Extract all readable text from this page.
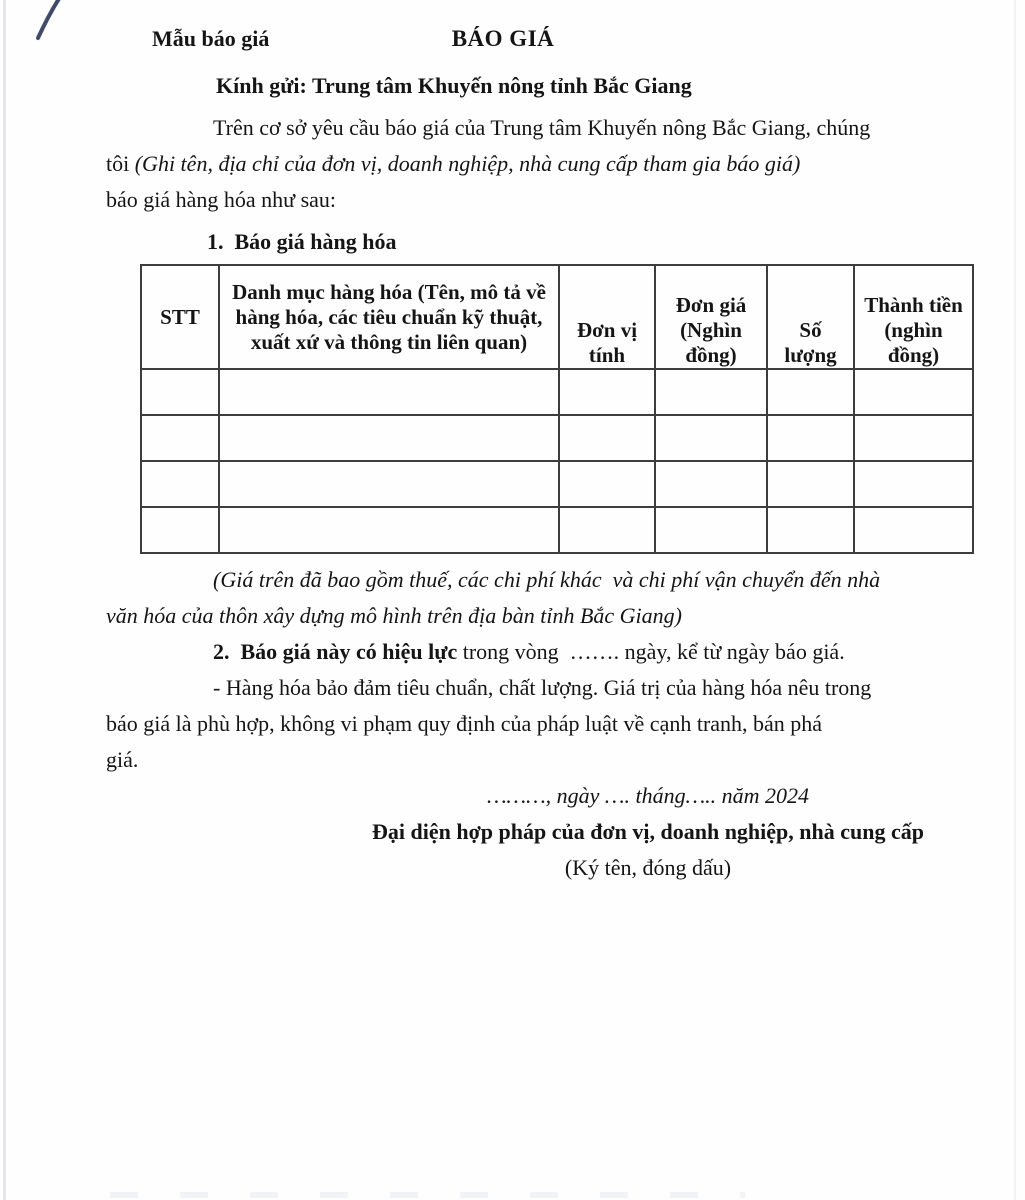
Mẫu báo giá	BÁO GIÁ
Kính gửi: Trung tâm Khuyến nông tỉnh Bắc Giang
Trên cơ sở yêu cầu báo giá của Trung tâm Khuyến nông Bắc Giang, chúng
tôi (Ghi tên, địa chỉ của đơn vị, doanh nghiệp, nhà cung cấp tham gia báo giá)
báo giá hàng hóa như sau:
1.  Báo giá hàng hóa
STT	Danh mục hàng hóa (Tên, mô tả về hàng hóa, các tiêu chuẩn kỹ thuật, xuất xứ và thông tin liên quan)	Đơn vị tính	Đơn giá (Nghìn đồng)	Số lượng	Thành tiền (nghìn đồng)

(Giá trên đã bao gồm thuế, các chi phí khác  và chi phí vận chuyển đến nhà
văn hóa của thôn xây dựng mô hình trên địa bàn tỉnh Bắc Giang)
2.  Báo giá này có hiệu lực trong vòng  ……. ngày, kể từ ngày báo giá.
- Hàng hóa bảo đảm tiêu chuẩn, chất lượng. Giá trị của hàng hóa nêu trong
báo giá là phù hợp, không vi phạm quy định của pháp luật về cạnh tranh, bán phá
giá.
………, ngày …. tháng….. năm 2024
Đại diện hợp pháp của đơn vị, doanh nghiệp, nhà cung cấp
(Ký tên, đóng dấu)
